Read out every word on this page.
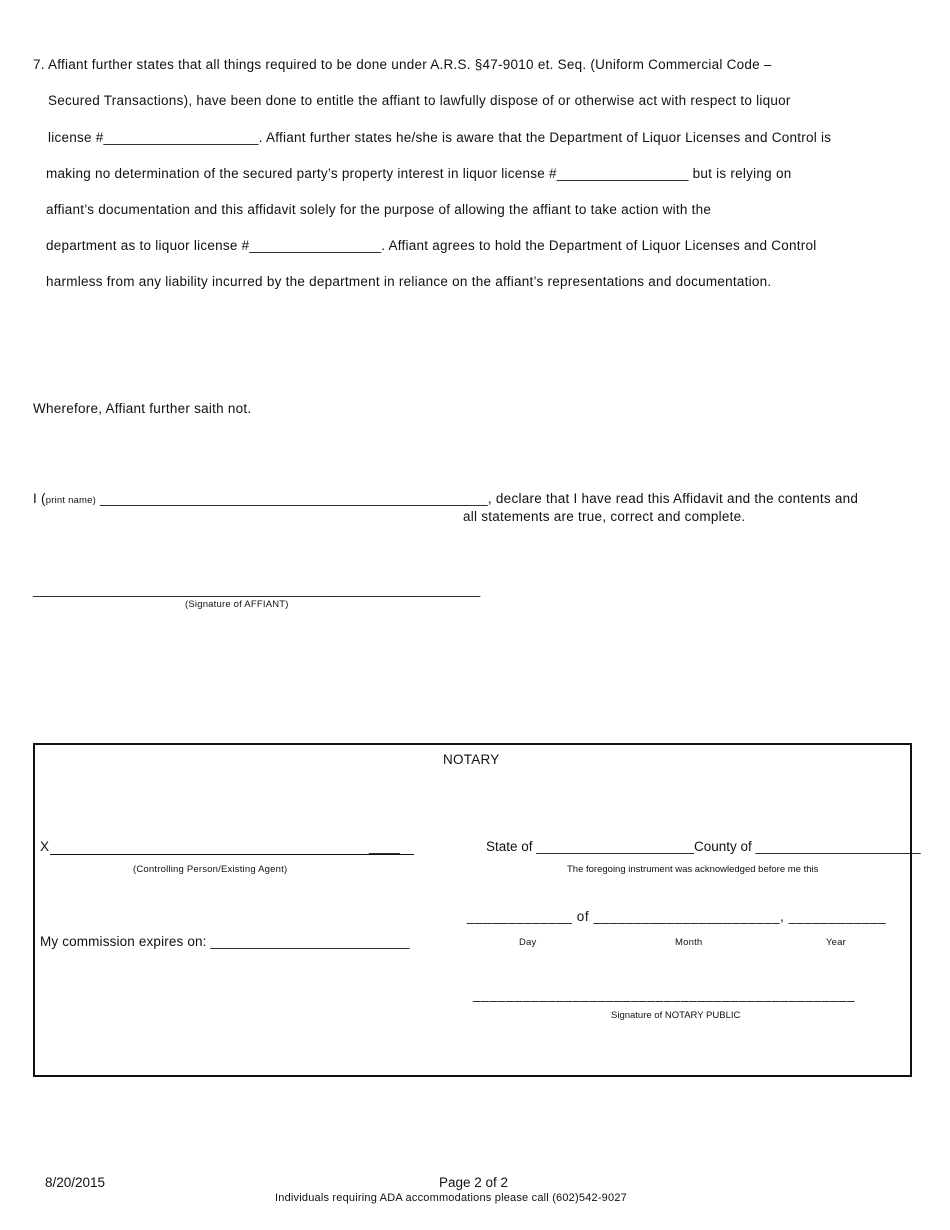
7. Affiant further states that all things required to be done under A.R.S. §47-9010 et. Seq. (Uniform Commercial Code –
Secured Transactions), have been done to entitle the affiant to lawfully dispose of or otherwise act with respect to liquor
license #____________________. Affiant further states he/she is aware that the Department of Liquor Licenses and Control is
making no determination of the secured party’s property interest in liquor license #_________________ but is relying on
affiant’s documentation and this affidavit solely for the purpose of allowing the affiant to take action with the
department as to liquor license #_________________. Affiant agrees to hold the Department of Liquor Licenses and Control
harmless from any liability incurred by the department in reliance on the affiant’s representations and documentation.
Wherefore, Affiant further saith not.
I (print name) __________________________________________________, declare that I have read this Affidavit and the contents and
all statements are true, correct and complete.
______________________________________________________________
(Signature of AFFIANT)
NOTARY
X	____
(Controlling Person/Existing Agent)
State of _____________________County of ______________________
The foregoing instrument was acknowledged before me this
My commission expires on: __________________________
_____________ of _______________________, ____________
Day	Month	Year
______________________________________________
Signature of NOTARY PUBLIC
8/20/2015	Page 2 of 2
Individuals requiring ADA accommodations please call (602)542-9027
